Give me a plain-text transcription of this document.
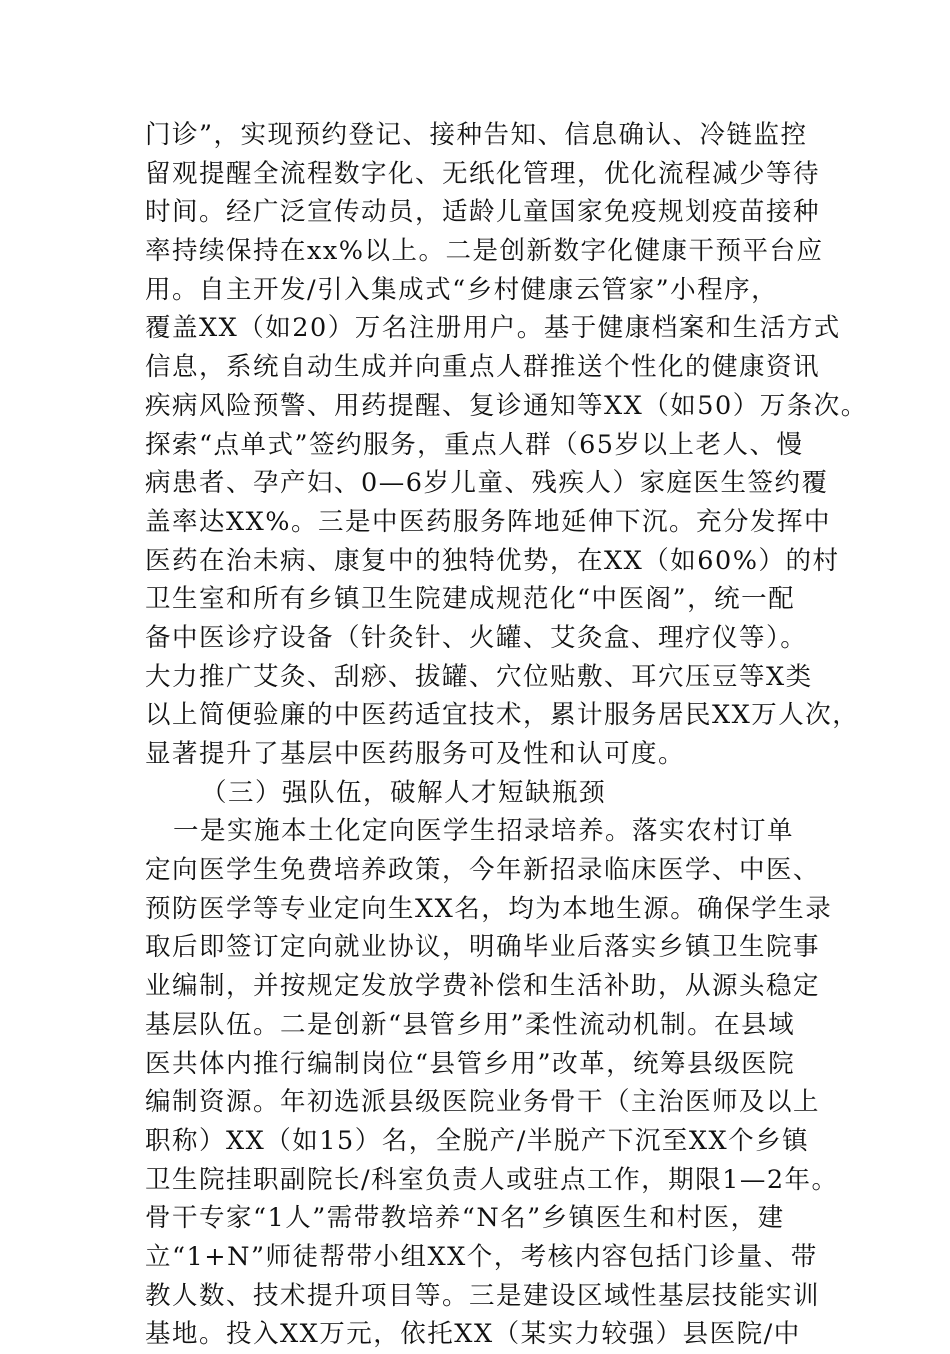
门诊”，实现预约登记、接种告知、信息确认、冷链监控
留观提醒全流程数字化、无纸化管理，优化流程减少等待
时间。经广泛宣传动员，适龄儿童国家免疫规划疫苗接种
率持续保持在xx%以上。二是创新数字化健康干预平台应
用。自主开发/引入集成式“乡村健康云管家”小程序，
覆盖XX（如20）万名注册用户。基于健康档案和生活方式
信息，系统自动生成并向重点人群推送个性化的健康资讯
疾病风险预警、用药提醒、复诊通知等XX（如50）万条次。
探索“点单式”签约服务，重点人群（65岁以上老人、慢
病患者、孕产妇、0—6岁儿童、残疾人）家庭医生签约覆
盖率达XX%。三是中医药服务阵地延伸下沉。充分发挥中
医药在治未病、康复中的独特优势，在XX（如60%）的村
卫生室和所有乡镇卫生院建成规范化“中医阁”，统一配
备中医诊疗设备（针灸针、火罐、艾灸盒、理疗仪等）。
大力推广艾灸、刮痧、拔罐、穴位贴敷、耳穴压豆等X类
以上简便验廉的中医药适宜技术，累计服务居民XX万人次，
显著提升了基层中医药服务可及性和认可度。
（三）强队伍，破解人才短缺瓶颈
一是实施本土化定向医学生招录培养。落实农村订单
定向医学生免费培养政策，今年新招录临床医学、中医、
预防医学等专业定向生XX名，均为本地生源。确保学生录
取后即签订定向就业协议，明确毕业后落实乡镇卫生院事
业编制，并按规定发放学费补偿和生活补助，从源头稳定
基层队伍。二是创新“县管乡用”柔性流动机制。在县域
医共体内推行编制岗位“县管乡用”改革，统筹县级医院
编制资源。年初选派县级医院业务骨干（主治医师及以上
职称）XX（如15）名，全脱产/半脱产下沉至XX个乡镇
卫生院挂职副院长/科室负责人或驻点工作，期限1—2年。
骨干专家“1人”需带教培养“N名”乡镇医生和村医，建
立“1+N”师徒帮带小组XX个，考核内容包括门诊量、带
教人数、技术提升项目等。三是建设区域性基层技能实训
基地。投入XX万元，依托XX（某实力较强）县医院/中
